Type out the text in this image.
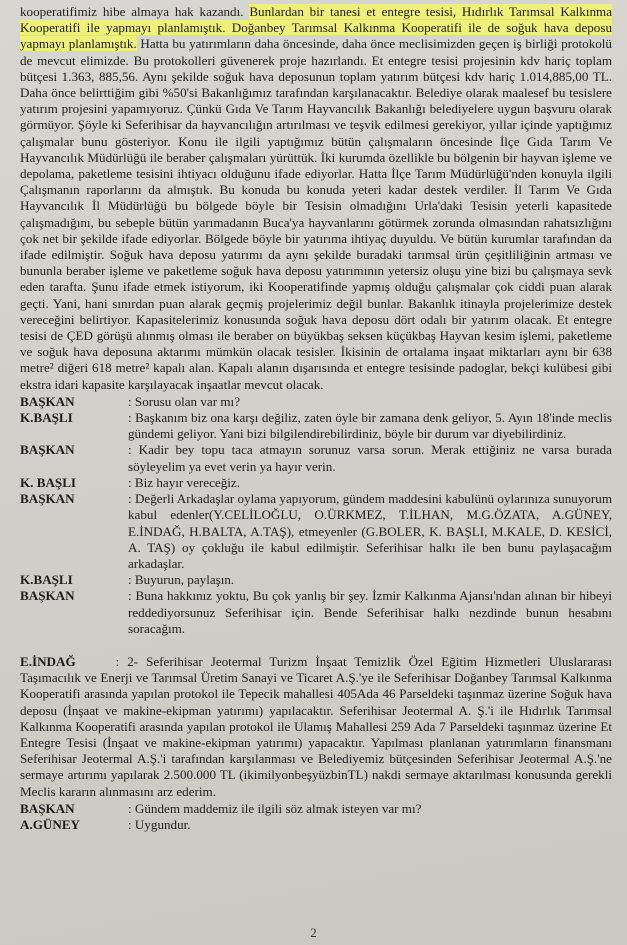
kooperatifimiz hibe almaya hak kazandı. Bunlardan bir tanesi et entegre tesisi, Hıdırlık Tarımsal Kalkınma Kooperatifi ile yapmayı planlamıştık. Doğanbey Tarımsal Kalkınma Kooperatifi ile de soğuk hava deposu yapmayı planlamıştık. Hatta bu yatırımların daha öncesinde, daha önce meclisimizden geçen iş birliği protokolü de mevcut elimizde. Bu protokolleri güvenerek proje hazırlandı. Et entegre tesisi projesinin kdv hariç toplam bütçesi 1.363, 885,56. Aynı şekilde soğuk hava deposunun toplam yatırım bütçesi kdv hariç 1.014,885,00 TL. Daha önce belirttiğim gibi %50'si Bakanlığımız tarafından karşılanacaktır. Belediye olarak maalesef bu tesislere yatırım projesini yapamıyoruz. Çünkü Gıda Ve Tarım Hayvancılık Bakanlığı belediyelere uygun başvuru olarak görmüyor. Şöyle ki Seferihisar da hayvancılığın artırılması ve teşvik edilmesi gerekiyor, yıllar içinde yaptığımız çalışmalar bunu gösteriyor. Konu ile ilgili yaptığımız bütün çalışmaların öncesinde İlçe Gıda Tarım Ve Hayvancılık Müdürlüğü ile beraber çalışmaları yürüttük. İki kurumda özellikle bu bölgenin bir hayvan işleme ve depolama, paketleme tesisini ihtiyacı olduğunu ifade ediyorlar. Hatta İlçe Tarım Müdürlüğü'nden konuyla ilgili Çalışmanın raporlarını da almıştık. Bu konuda bu konuda yeteri kadar destek verdiler. İl Tarım Ve Gıda Hayvancılık İl Müdürlüğü bu bölgede böyle bir Tesisin olmadığını Urla'daki Tesisin yeterli kapasitede çalışmadığını, bu sebeple bütün yarımadanın Buca'ya hayvanlarını götürmek zorunda olmasından rahatsızlığını çok net bir şekilde ifade ediyorlar. Bölgede böyle bir yatırıma ihtiyaç duyuldu. Ve bütün kurumlar tarafından da ifade edilmiştir. Soğuk hava deposu yatırımı da aynı şekilde buradaki tarımsal ürün çeşitliliğinin artması ve bununla beraber işleme ve paketleme soğuk hava deposu yatırımının yetersiz oluşu yine bizi bu çalışmaya sevk eden tarafta. Şunu ifade etmek istiyorum, iki Kooperatifinde yapmış olduğu çalışmalar çok ciddi puan alarak geçti. Yani, hani sınırdan puan alarak geçmiş projelerimiz değil bunlar. Bakanlık itinayla projelerimize destek vereceğini belirtiyor. Kapasitelerimiz konusunda soğuk hava deposu dört odalı bir yatırım olacak. Et entegre tesisi de ÇED görüşü alınmış olması ile beraber on büyükbaş seksen küçükbaş Hayvan kesim işlemi, paketleme ve soğuk hava deposuna aktarımı mümkün olacak tesisler. İkisinin de ortalama inşaat miktarları aynı bir 638 metre² diğeri 618 metre² kapalı alan. Kapalı alanın dışarısında et entegre tesisinde padoglar, bekçi kulübesi gibi ekstra idari kapasite karşılayacak inşaatlar mevcut olacak.

BAŞKAN	: Sorusu olan var mı?
K.BAŞLI	: Başkanım biz ona karşı değiliz, zaten öyle bir zamana denk geliyor, 5. Ayın 18'inde meclis gündemi geliyor. Yani bizi bilgilendirebilirdiniz, böyle bir durum var diyebilirdiniz.
BAŞKAN	: Kadir bey topu taca atmayın sorunuz varsa sorun. Merak ettiğiniz ne varsa burada söyleyelim ya evet verin ya hayır verin.
K. BAŞLI	: Biz hayır vereceğiz.
BAŞKAN	: Değerli Arkadaşlar oylama yapıyorum, gündem maddesini kabulünü oylarınıza sunuyorum kabul edenler(Y.CELİLOĞLU, O.ÜRKMEZ, T.İLHAN, M.G.ÖZATA, A.GÜNEY, E.İNDAĞ, H.BALTA, A.TAŞ), etmeyenler (G.BOLER, K. BAŞLI, M.KALE, D. KESİCİ, A. TAŞ) oy çokluğu ile kabul edilmiştir. Seferihisar halkı ile ben bunu paylaşacağım arkadaşlar.
K.BAŞLI	: Buyurun, paylaşın.
BAŞKAN	: Buna hakkınız yoktu, Bu çok yanlış bir şey. İzmir Kalkınma Ajansı'ndan alınan bir hibeyi reddediyorsunuz Seferihisar için. Bende Seferihisar halkı nezdinde bunun hesabını soracağım.

E.İNDAĞ	: 2- Seferihisar Jeotermal Turizm İnşaat Temizlik Özel Eğitim Hizmetleri Uluslararası Taşımacılık ve Enerji ve Tarımsal Üretim Sanayi ve Ticaret A.Ş.'ye ile Seferihisar Doğanbey Tarımsal Kalkınma Kooperatifi arasında yapılan protokol ile Tepecik mahallesi 405Ada 46 Parseldeki taşınmaz üzerine Soğuk hava deposu (İnşaat ve makine-ekipman yatırımı) yapılacaktır. Seferihisar Jeotermal A. Ş.'i ile Hıdırlık Tarımsal Kalkınma Kooperatifi arasında yapılan protokol ile Ulamış Mahallesi 259 Ada 7 Parseldeki taşınmaz üzerine Et Entegre Tesisi (İnşaat ve makine-ekipman yatırımı) yapacaktır. Yapılması planlanan yatırımların finansmanı Seferihisar Jeotermal A.Ş.'i tarafından karşılanması ve Belediyemiz bütçesinden Seferihisar Jeotermal A.Ş.'ne sermaye artırımı yapılarak 2.500.000 TL (ikimilyonbeşyüzbinTL) nakdi sermaye aktarılması konusunda gerekli Meclis kararın alınmasını arz ederim.

BAŞKAN	: Gündem maddemiz ile ilgili söz almak isteyen var mı?
A.GÜNEY	: Uygundur.
2
